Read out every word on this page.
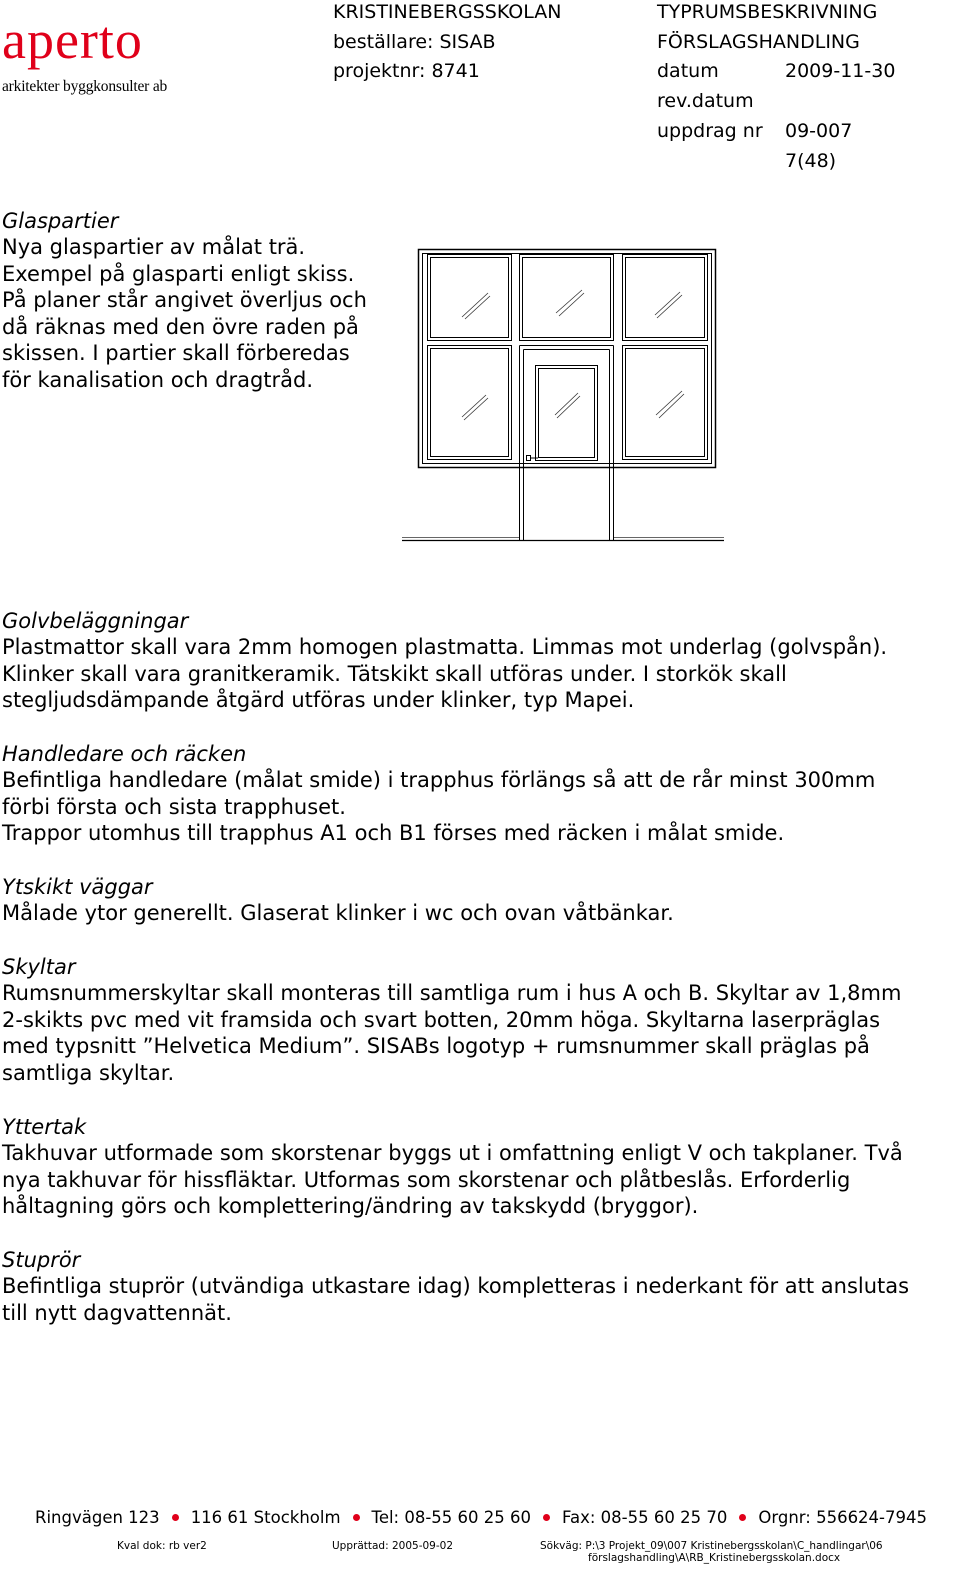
aperto
arkitekter byggkonsulter ab
KRISTINEBERGSSKOLAN
beställare: SISAB
projektnr: 8741
TYPRUMSBESKRIVNING
FÖRSLAGSHANDLING
datum	2009-11-30
rev.datum
uppdrag nr 09-007
7(48)
Glaspartier
Nya glaspartier av målat trä.
Exempel på glasparti enligt skiss.
På planer står angivet överljus och
då räknas med den övre raden på
skissen. I partier skall förberedas
för kanalisation och dragtråd.
Golvbeläggningar
Plastmattor skall vara 2mm homogen plastmatta. Limmas mot underlag (golvspån).
Klinker skall vara granitkeramik. Tätskikt skall utföras under. I storkök skall
stegljudsdämpande åtgärd utföras under klinker, typ Mapei.
Handledare och räcken
Befintliga handledare (målat smide) i trapphus förlängs så att de rår minst 300mm
förbi första och sista trapphuset.
Trappor utomhus till trapphus A1 och B1 förses med räcken i målat smide.
Ytskikt väggar
Målade ytor generellt. Glaserat klinker i wc och ovan våtbänkar.
Skyltar
Rumsnummerskyltar skall monteras till samtliga rum i hus A och B. Skyltar av 1,8mm
2-skikts pvc med vit framsida och svart botten, 20mm höga. Skyltarna laserpräglas
med typsnitt ”Helvetica Medium”. SISABs logotyp + rumsnummer skall präglas på
samtliga skyltar.
Yttertak
Takhuvar utformade som skorstenar byggs ut i omfattning enligt V och takplaner. Två
nya takhuvar för hissfläktar. Utformas som skorstenar och plåtbeslås. Erforderlig
håltagning görs och komplettering/ändring av takskydd (bryggor).
Stuprör
Befintliga stuprör (utvändiga utkastare idag) kompletteras i nederkant för att anslutas
till nytt dagvattennät.
Ringvägen 123 116 61 Stockholm Tel: 08-55 60 25 60 Fax: 08-55 60 25 70 Orgnr: 556624-7945
Kval dok: rb ver2	Upprättad: 2005-09-02	Sökväg: P:\3 Projekt_09\007 Kristinebergsskolan\C_handlingar\06
förslagshandling\A\RB_Kristinebergsskolan.docx
